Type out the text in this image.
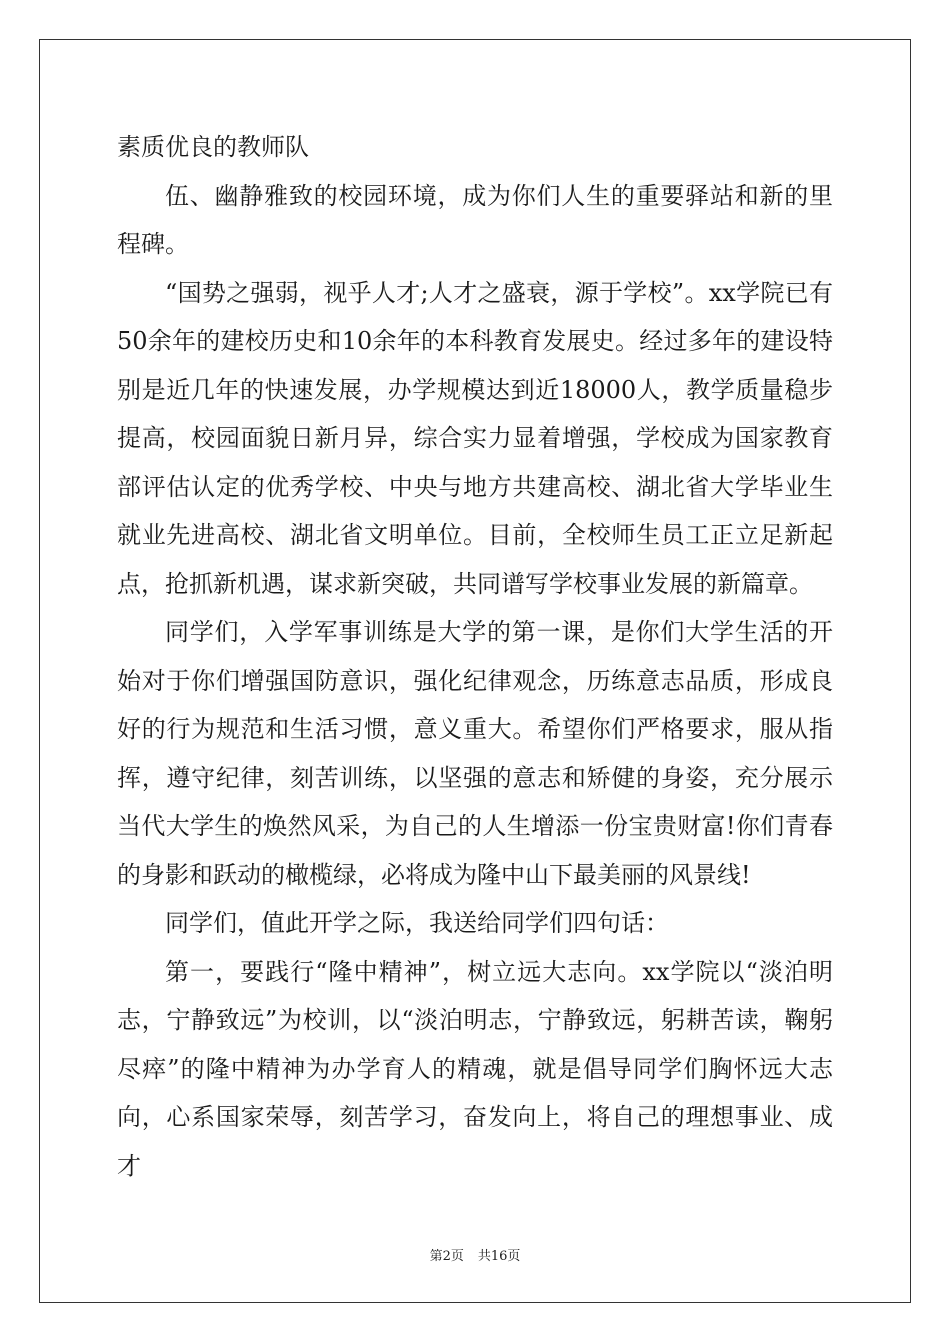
素质优良的教师队

伍、幽静雅致的校园环境，成为你们人生的重要驿站和新的里程碑。

“国势之强弱，视乎人才;人才之盛衰，源于学校”。xx学院已有50余年的建校历史和10余年的本科教育发展史。经过多年的建设特别是近几年的快速发展，办学规模达到近18000人，教学质量稳步提高，校园面貌日新月异，综合实力显着增强，学校成为国家教育部评估认定的优秀学校、中央与地方共建高校、湖北省大学毕业生就业先进高校、湖北省文明单位。目前，全校师生员工正立足新起点，抢抓新机遇，谋求新突破，共同谱写学校事业发展的新篇章。

同学们，入学军事训练是大学的第一课，是你们大学生活的开始对于你们增强国防意识，强化纪律观念，历练意志品质，形成良好的行为规范和生活习惯，意义重大。希望你们严格要求，服从指挥，遵守纪律，刻苦训练，以坚强的意志和矫健的身姿，充分展示当代大学生的焕然风采，为自己的人生增添一份宝贵财富!你们青春的身影和跃动的橄榄绿，必将成为隆中山下最美丽的风景线!

同学们，值此开学之际，我送给同学们四句话：

第一，要践行“隆中精神”，树立远大志向。xx学院以“淡泊明志，宁静致远”为校训，以“淡泊明志，宁静致远，躬耕苦读，鞠躬尽瘁”的隆中精神为办学育人的精魂，就是倡导同学们胸怀远大志向，心系国家荣辱，刻苦学习，奋发向上，将自己的理想事业、成才

第2页 共16页
